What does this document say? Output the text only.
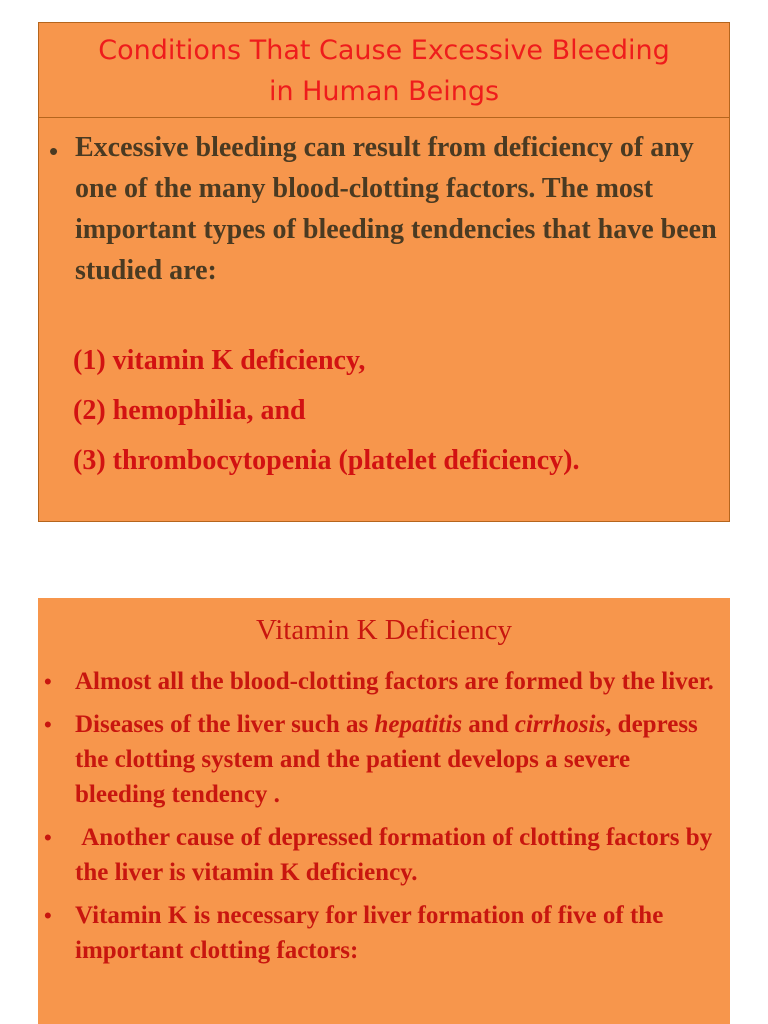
Conditions That Cause Excessive Bleeding
in Human Beings
• Excessive bleeding can result from deficiency of any one of the many blood-clotting factors. The most important types of bleeding tendencies that have been studied are:
(1) vitamin K deficiency,
(2) hemophilia, and
(3) thrombocytopenia (platelet deficiency).
Vitamin K Deficiency
• Almost all the blood-clotting factors are formed by the liver.
• Diseases of the liver such as hepatitis and cirrhosis, depress the clotting system and the patient develops a severe bleeding tendency .
• Another cause of depressed formation of clotting factors by the liver is vitamin K deficiency.
• Vitamin K is necessary for liver formation of five of the important clotting factors:
